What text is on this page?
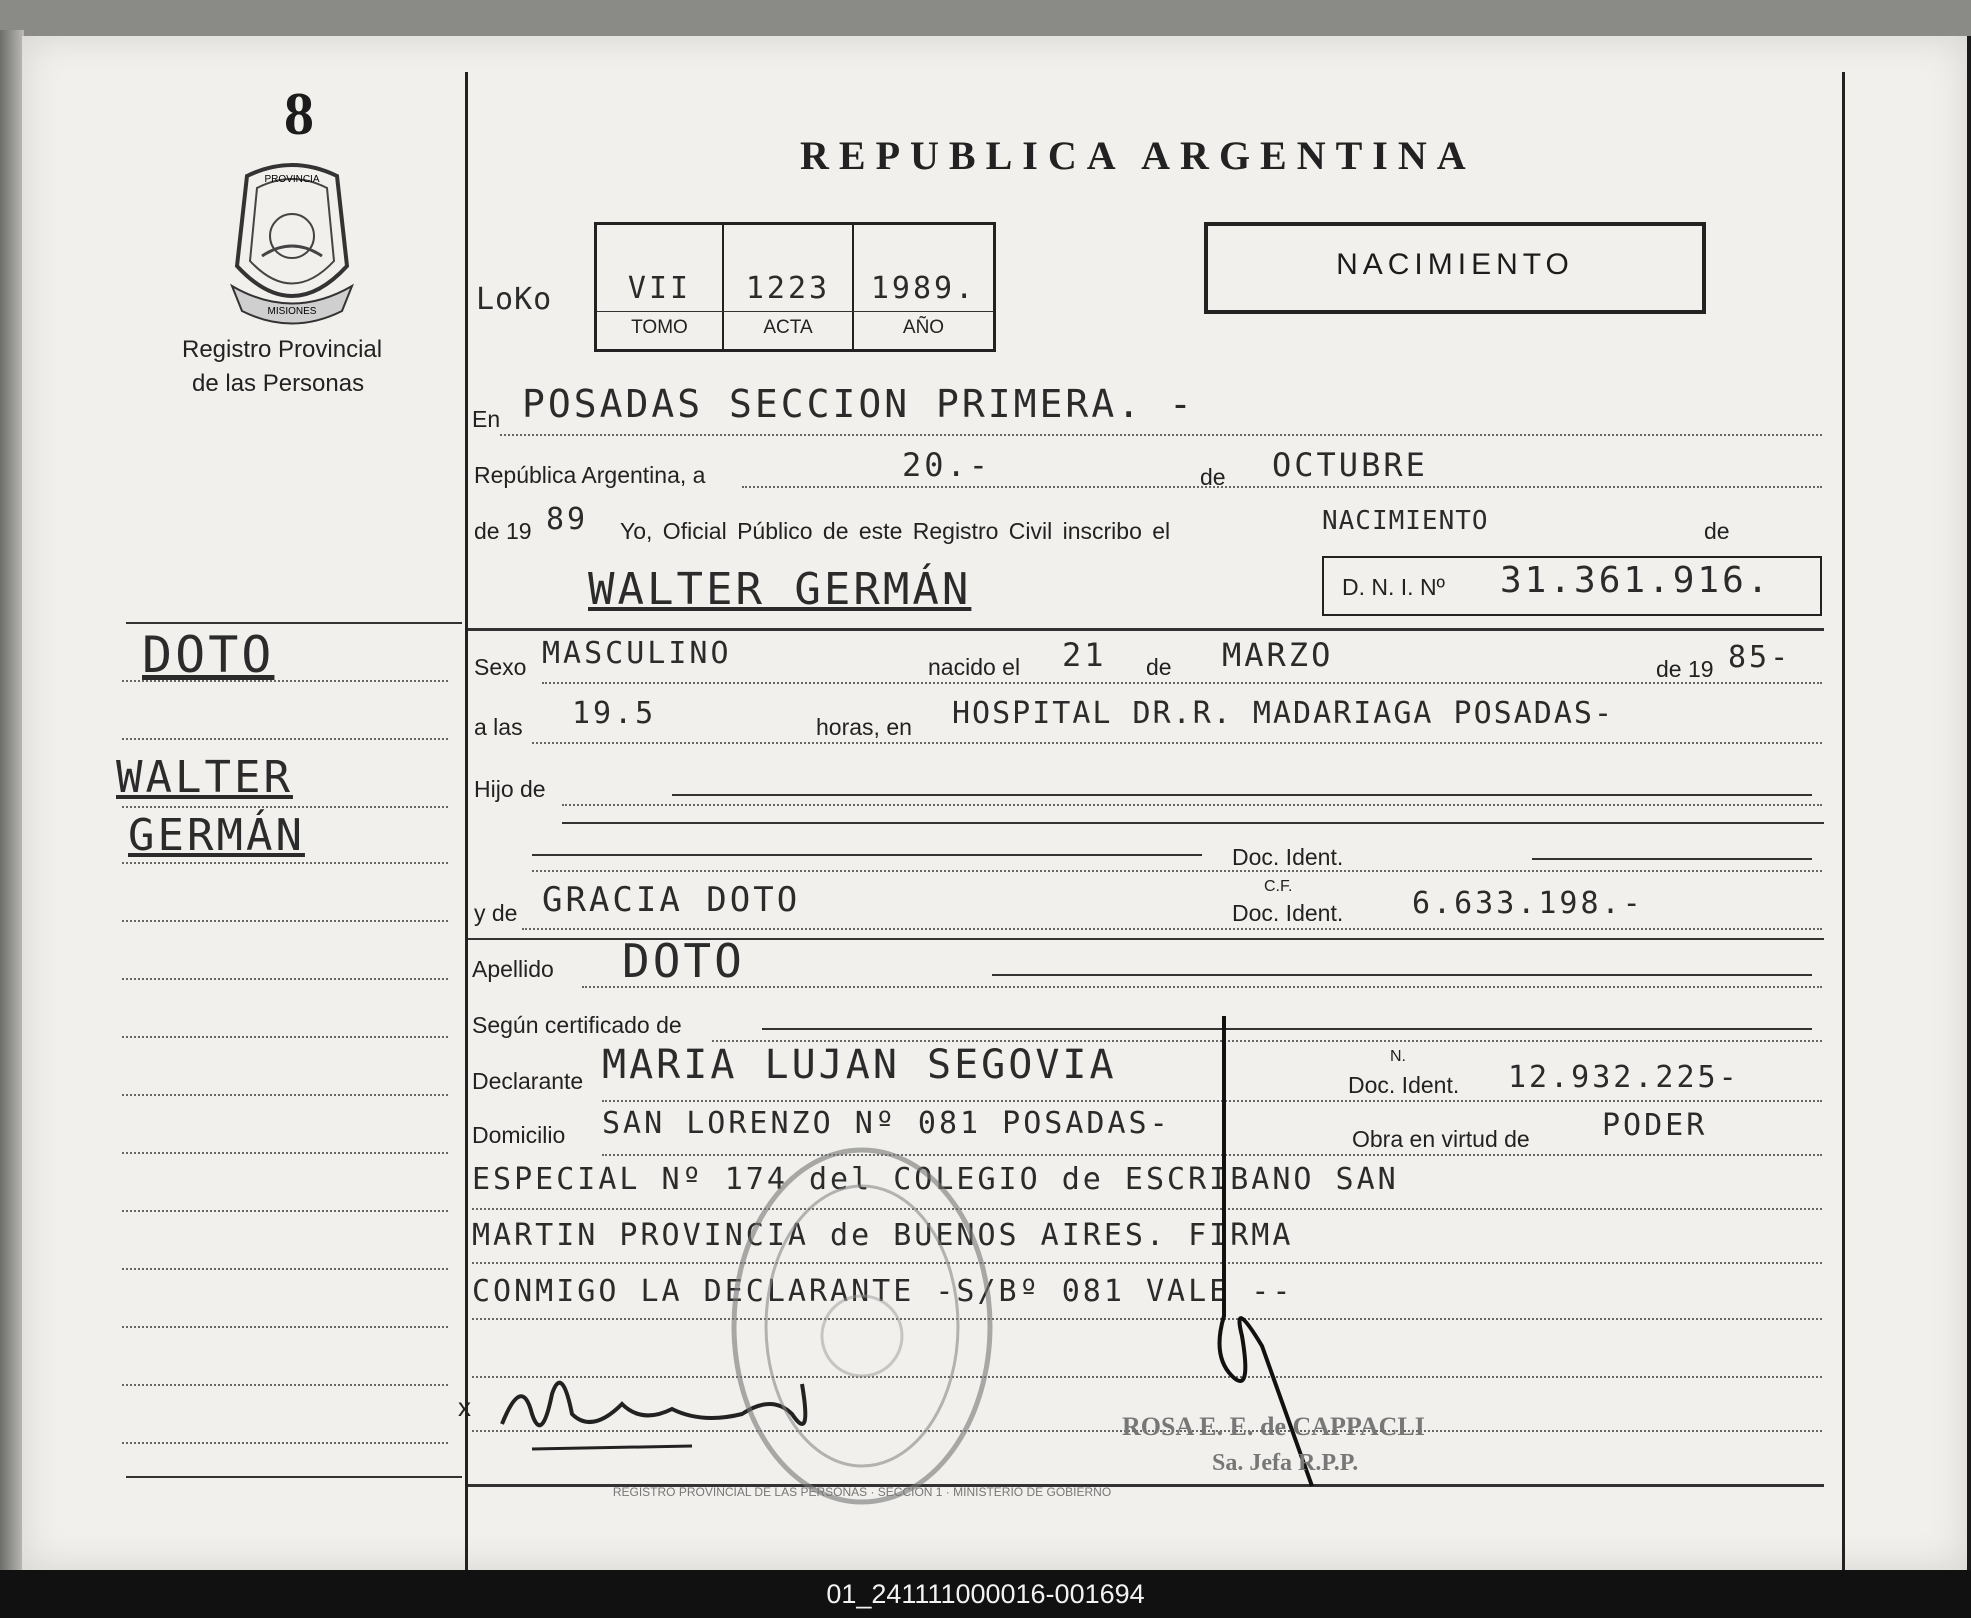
8
PROVINCIA
MISIONES
Registro Provincial
de las Personas
DOTO
WALTER
GERMÁN
REPUBLICA ARGENTINA
LoKo	VII	1223	1989.
TOMO	ACTA	AÑO
NACIMIENTO
En POSADAS SECCION PRIMERA. -
República Argentina, a	20.-	de OCTUBRE
de 19 89 Yo, Oficial Público de este Registro Civil inscribo el	NACIMIENTO	de
WALTER GERMÁN	D. N. I. Nº 31.361.916.
Sexo MASCULINO	nacido el 21 de MARZO	de 19 85-
a las 19.5	horas, en HOSPITAL DR.R. MADARIAGA POSADAS-
Hijo de
Doc. Ident.
y de GRACIA DOTO	C.F.
Doc. Ident. 6.633.198.-
Apellido DOTO
Según certificado de
Declarante MARIA LUJAN SEGOVIA	N.
Doc. Ident. 12.932.225-
Domicilio SAN LORENZO Nº 081 POSADAS-	Obra en virtud de PODER
ESPECIAL Nº 174 del COLEGIO de ESCRIBANO SAN
MARTIN PROVINCIA de BUENOS AIRES. FIRMA
CONMIGO LA DECLARANTE -S/Bº 081 VALE --
x
REGISTRO PROVINCIAL DE LAS PERSONAS · SECCION 1 · MINISTERIO DE GOBIERNO
ROSA E. E. de CAPPACLI
Sa. Jefa R.P.P.
01_241111000016-001694
